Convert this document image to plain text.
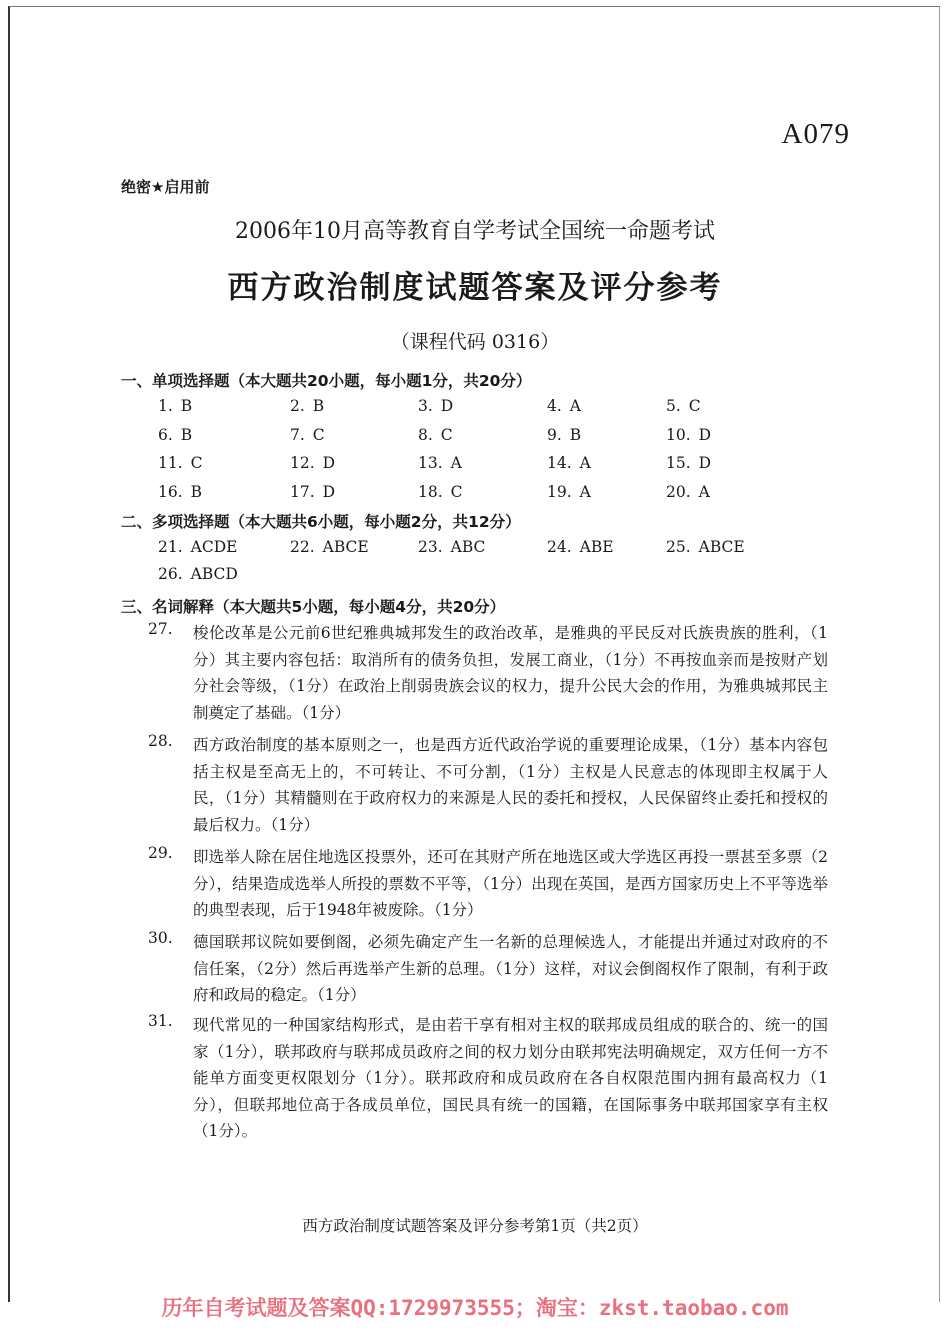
A079
绝密★启用前
2006年10月高等教育自学考试全国统一命题考试
西方政治制度试题答案及评分参考
（课程代码 0316）
一、单项选择题（本大题共20小题，每小题1分，共20分）
1. B	2. B	3. D	4. A	5. C
6. B	7. C	8. C	9. B	10. D
11. C	12. D	13. A	14. A	15. D
16. B	17. D	18. C	19. A	20. A
二、多项选择题（本大题共6小题，每小题2分，共12分）
21. ACDE	22. ABCE	23. ABC	24. ABE	25. ABCE
26. ABCD
三、名词解释（本大题共5小题，每小题4分，共20分）
27. 梭伦改革是公元前6世纪雅典城邦发生的政治改革，是雅典的平民反对氏族贵族的胜利，（1分）其主要内容包括：取消所有的债务负担，发展工商业，（1分）不再按血亲而是按财产划分社会等级，（1分）在政治上削弱贵族会议的权力，提升公民大会的作用，为雅典城邦民主制奠定了基础。（1分）
28. 西方政治制度的基本原则之一，也是西方近代政治学说的重要理论成果，（1分）基本内容包括主权是至高无上的，不可转让、不可分割，（1分）主权是人民意志的体现即主权属于人民，（1分）其精髓则在于政府权力的来源是人民的委托和授权，人民保留终止委托和授权的最后权力。（1分）
29. 即选举人除在居住地选区投票外，还可在其财产所在地选区或大学选区再投一票甚至多票（2分），结果造成选举人所投的票数不平等，（1分）出现在英国，是西方国家历史上不平等选举的典型表现，后于1948年被废除。（1分）
30. 德国联邦议院如要倒阁，必须先确定产生一名新的总理候选人，才能提出并通过对政府的不信任案，（2分）然后再选举产生新的总理。（1分）这样，对议会倒阁权作了限制，有利于政府和政局的稳定。（1分）
31. 现代常见的一种国家结构形式，是由若干享有相对主权的联邦成员组成的联合的、统一的国家（1分），联邦政府与联邦成员政府之间的权力划分由联邦宪法明确规定，双方任何一方不能单方面变更权限划分（1分）。联邦政府和成员政府在各自权限范围内拥有最高权力（1分），但联邦地位高于各成员单位，国民具有统一的国籍，在国际事务中联邦国家享有主权（1分）。
西方政治制度试题答案及评分参考第1页（共2页）
历年自考试题及答案QQ:1729973555；淘宝：zkst.taobao.com
